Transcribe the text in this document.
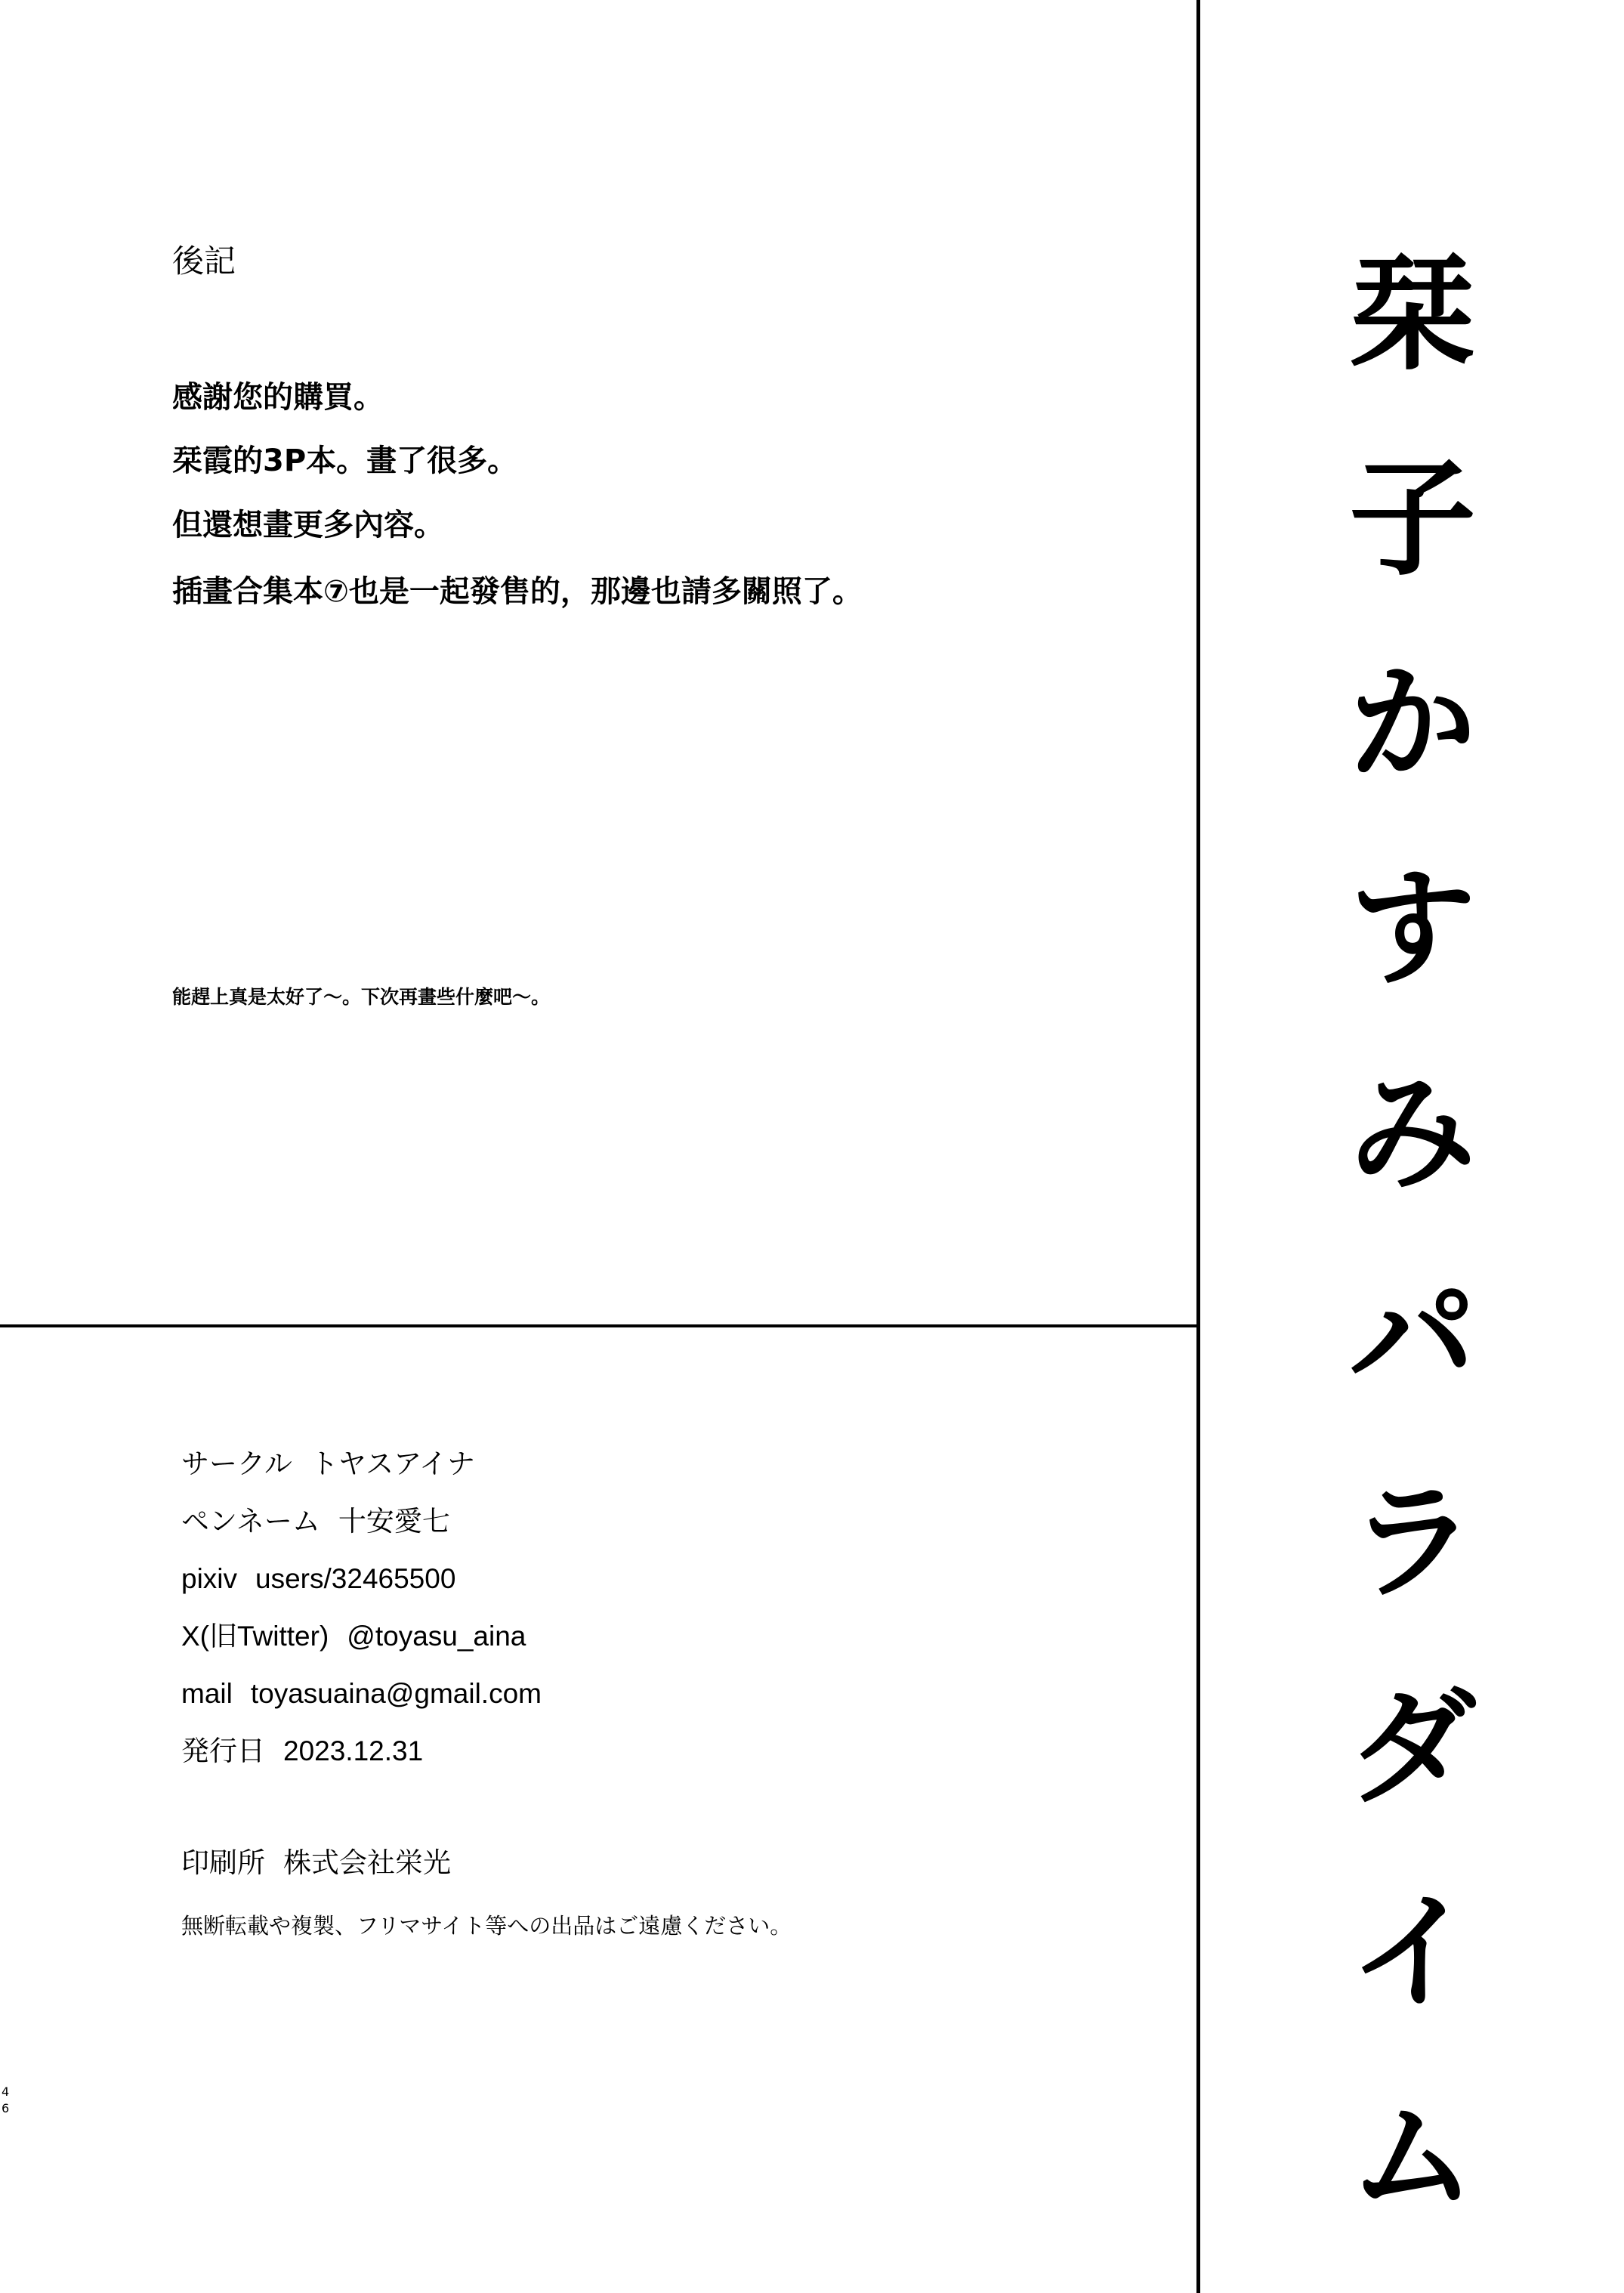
後記
感謝您的購買。
栞霞的3P本。畫了很多。
但還想畫更多內容。
插畫合集本⑦也是一起發售的，那邊也請多關照了。
能趕上真是太好了～。下次再畫些什麼吧～。
サークル トヤスアイナ
ペンネーム 十安愛七
pixiv users/32465500
X(旧Twitter) @toyasu_aina
mail toyasuaina@gmail.com
発行日 2023.12.31
印刷所 株式会社栄光
無断転載や複製、フリマサイト等への出品はご遠慮ください。
栞
子
か
す
み
パ
ラ
ダ
イ
ム
4
6
